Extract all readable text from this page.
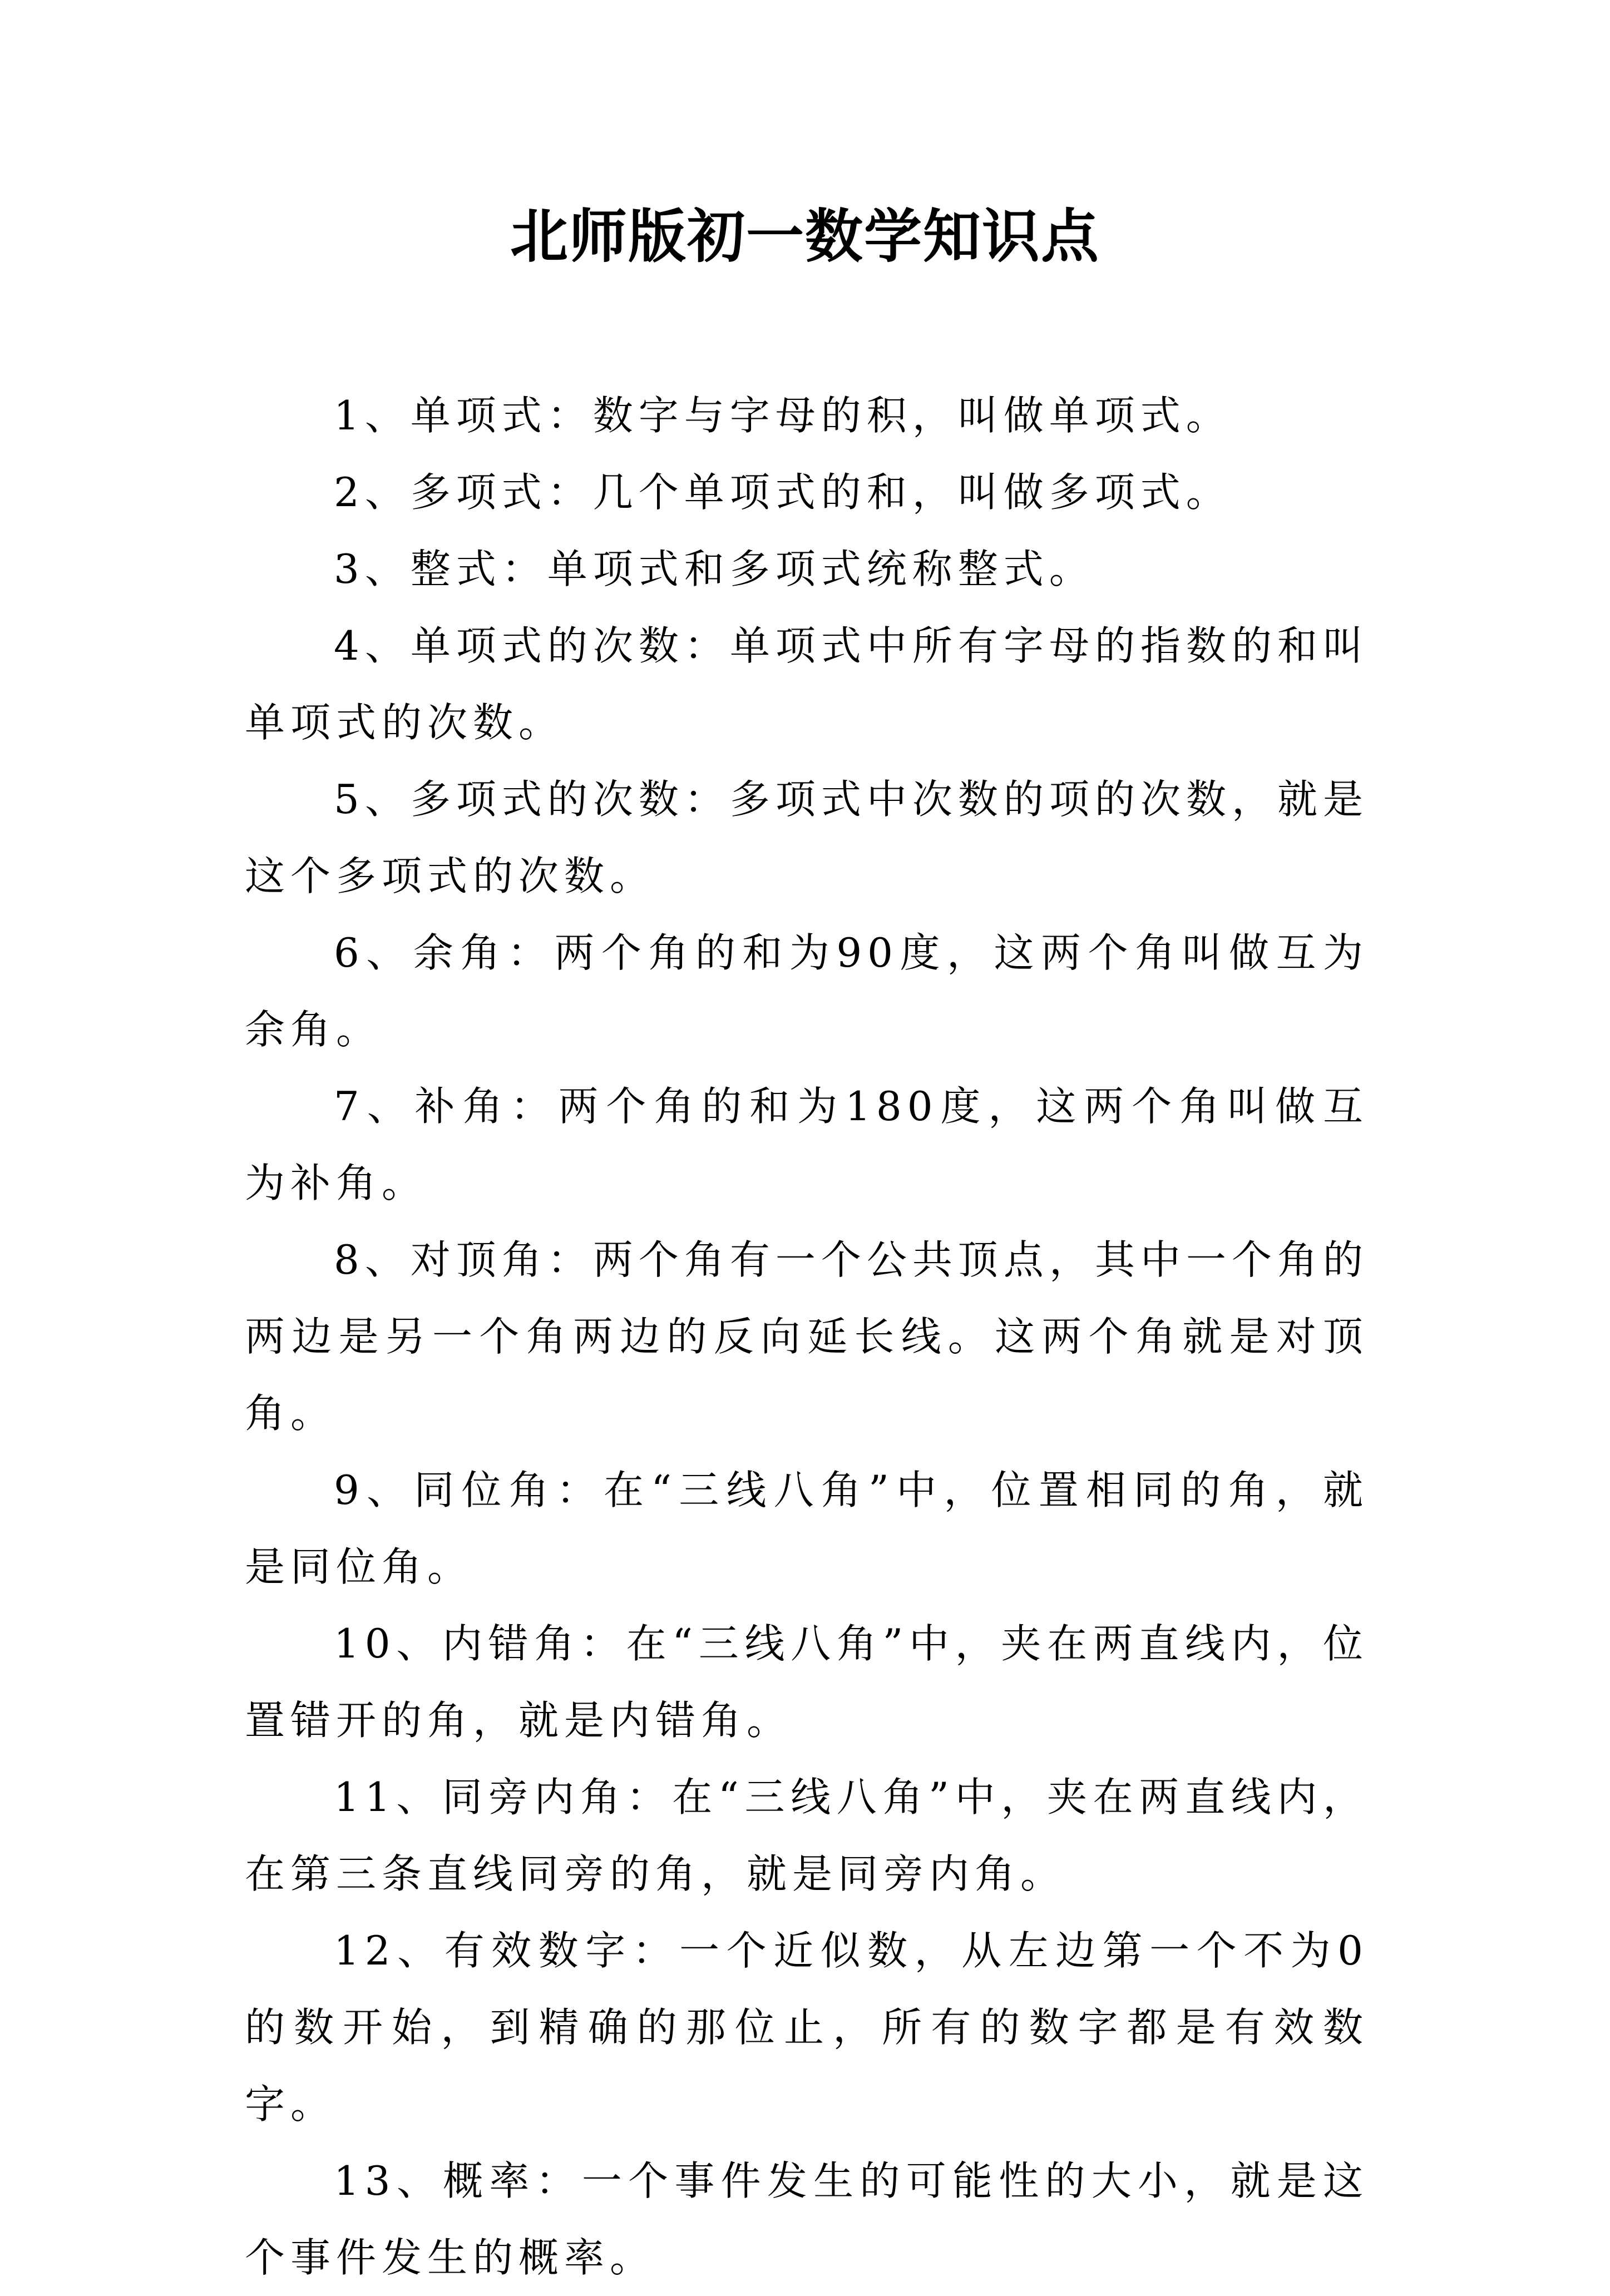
北师版初一数学知识点

1、单项式：数字与字母的积，叫做单项式。

2、多项式：几个单项式的和，叫做多项式。

3、整式：单项式和多项式统称整式。

4、单项式的次数：单项式中所有字母的指数的和叫单项式的次数。

5、多项式的次数：多项式中次数的项的次数，就是这个多项式的次数。

6、余角：两个角的和为90度，这两个角叫做互为余角。

7、补角：两个角的和为180度，这两个角叫做互为补角。

8、对顶角：两个角有一个公共顶点，其中一个角的两边是另一个角两边的反向延长线。这两个角就是对顶角。

9、同位角：在“三线八角”中，位置相同的角，就是同位角。

10、内错角：在“三线八角”中，夹在两直线内，位置错开的角，就是内错角。

11、同旁内角：在“三线八角”中，夹在两直线内，在第三条直线同旁的角，就是同旁内角。

12、有效数字：一个近似数，从左边第一个不为0的数开始，到精确的那位止，所有的数字都是有效数字。

13、概率：一个事件发生的可能性的大小，就是这个事件发生的概率。
